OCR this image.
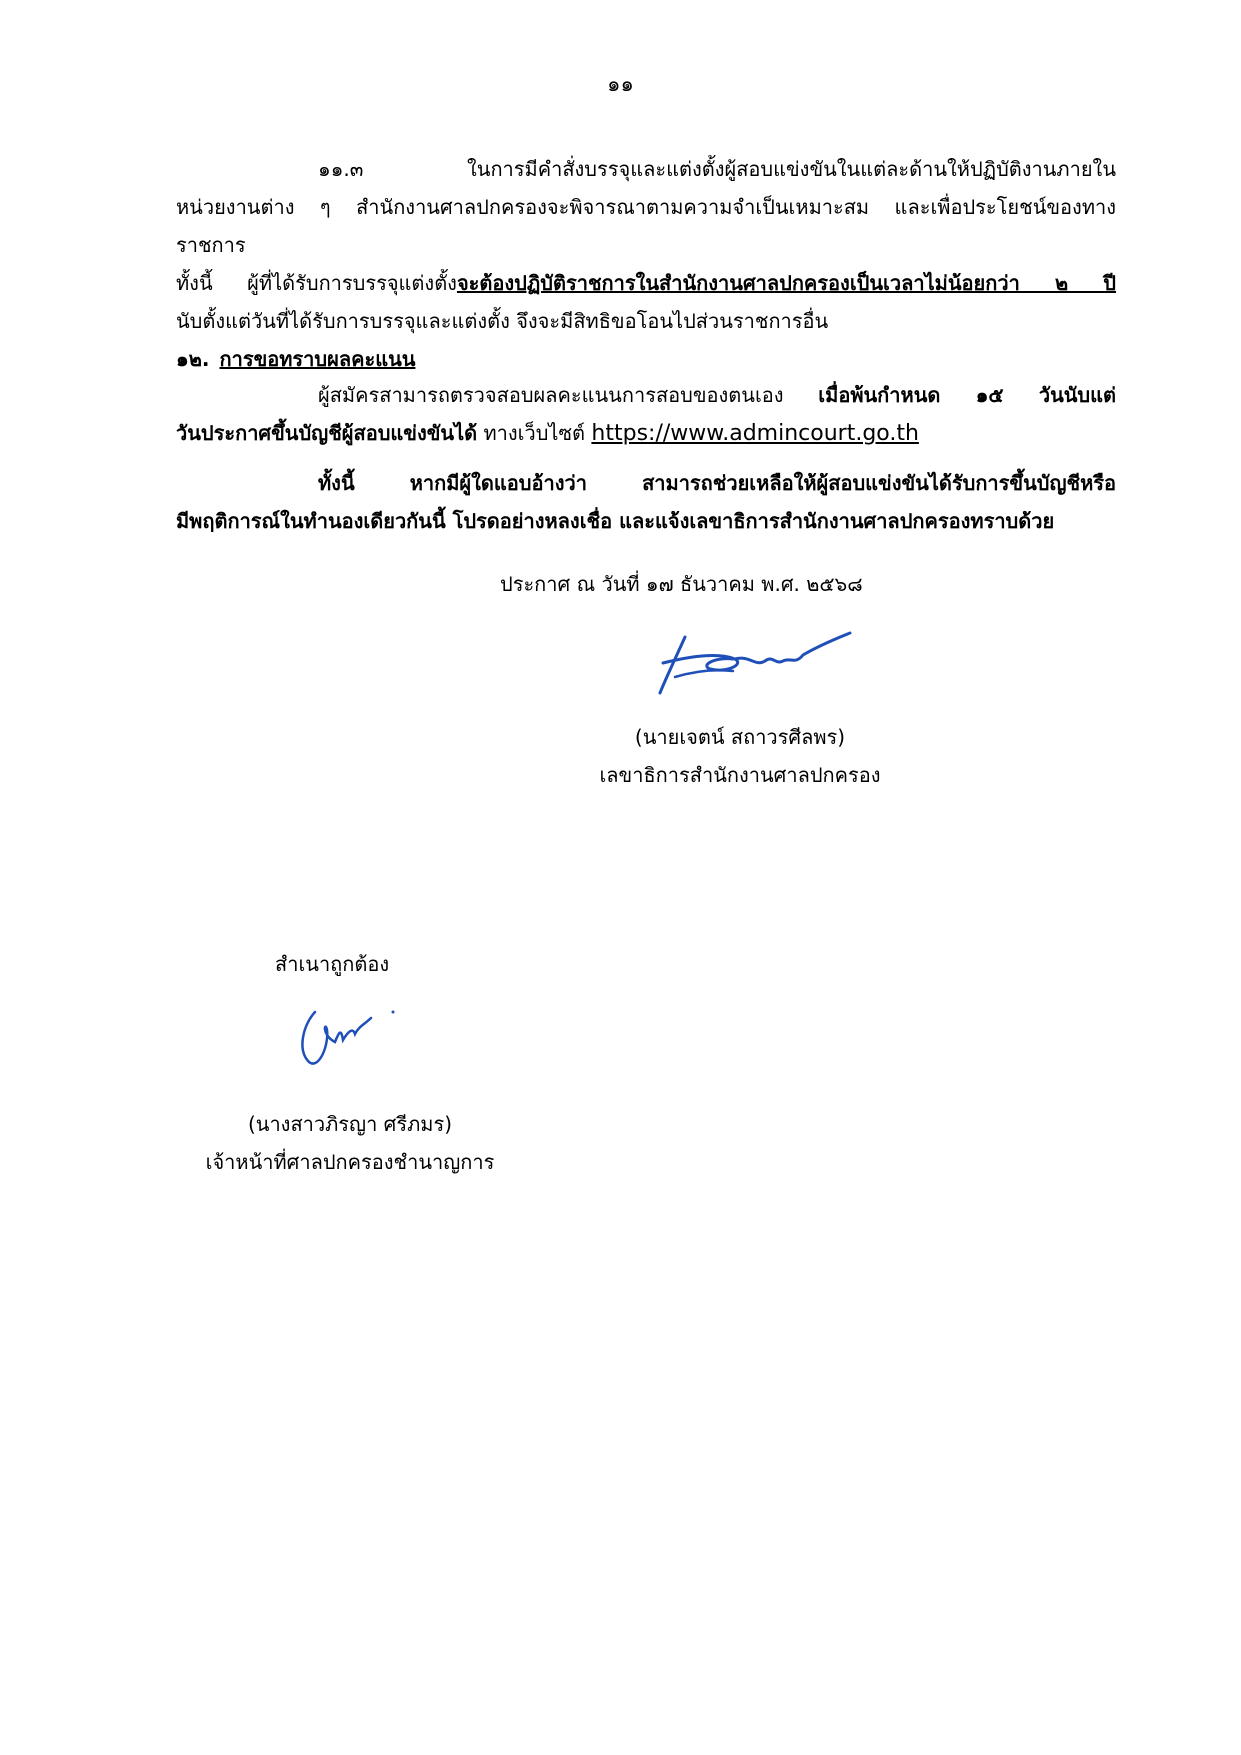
๑๑
๑๑.๓ ในการมีคำสั่งบรรจุและแต่งตั้งผู้สอบแข่งขันในแต่ละด้านให้ปฏิบัติงานภายใน
หน่วยงานต่าง ๆ สำนักงานศาลปกครองจะพิจารณาตามความจำเป็นเหมาะสม และเพื่อประโยชน์ของทางราชการ
ทั้งนี้ ผู้ที่ได้รับการบรรจุแต่งตั้งจะต้องปฏิบัติราชการในสำนักงานศาลปกครองเป็นเวลาไม่น้อยกว่า ๒ ปี
นับตั้งแต่วันที่ได้รับการบรรจุและแต่งตั้ง จึงจะมีสิทธิขอโอนไปส่วนราชการอื่น
๑๒. การขอทราบผลคะแนน
ผู้สมัครสามารถตรวจสอบผลคะแนนการสอบของตนเอง เมื่อพ้นกำหนด ๑๕ วันนับแต่
วันประกาศขึ้นบัญชีผู้สอบแข่งขันได้ ทางเว็บไซต์ https://www.admincourt.go.th
ทั้งนี้ หากมีผู้ใดแอบอ้างว่า สามารถช่วยเหลือให้ผู้สอบแข่งขันได้รับการขึ้นบัญชีหรือ
มีพฤติการณ์ในทำนองเดียวกันนี้ โปรดอย่างหลงเชื่อ และแจ้งเลขาธิการสำนักงานศาลปกครองทราบด้วย
ประกาศ ณ วันที่ ๑๗ ธันวาคม พ.ศ. ๒๕๖๘
(นายเจตน์ สถาวรศีลพร)
เลขาธิการสำนักงานศาลปกครอง
สำเนาถูกต้อง
(นางสาวภิรญา ศรีภมร)
เจ้าหน้าที่ศาลปกครองชำนาญการ
